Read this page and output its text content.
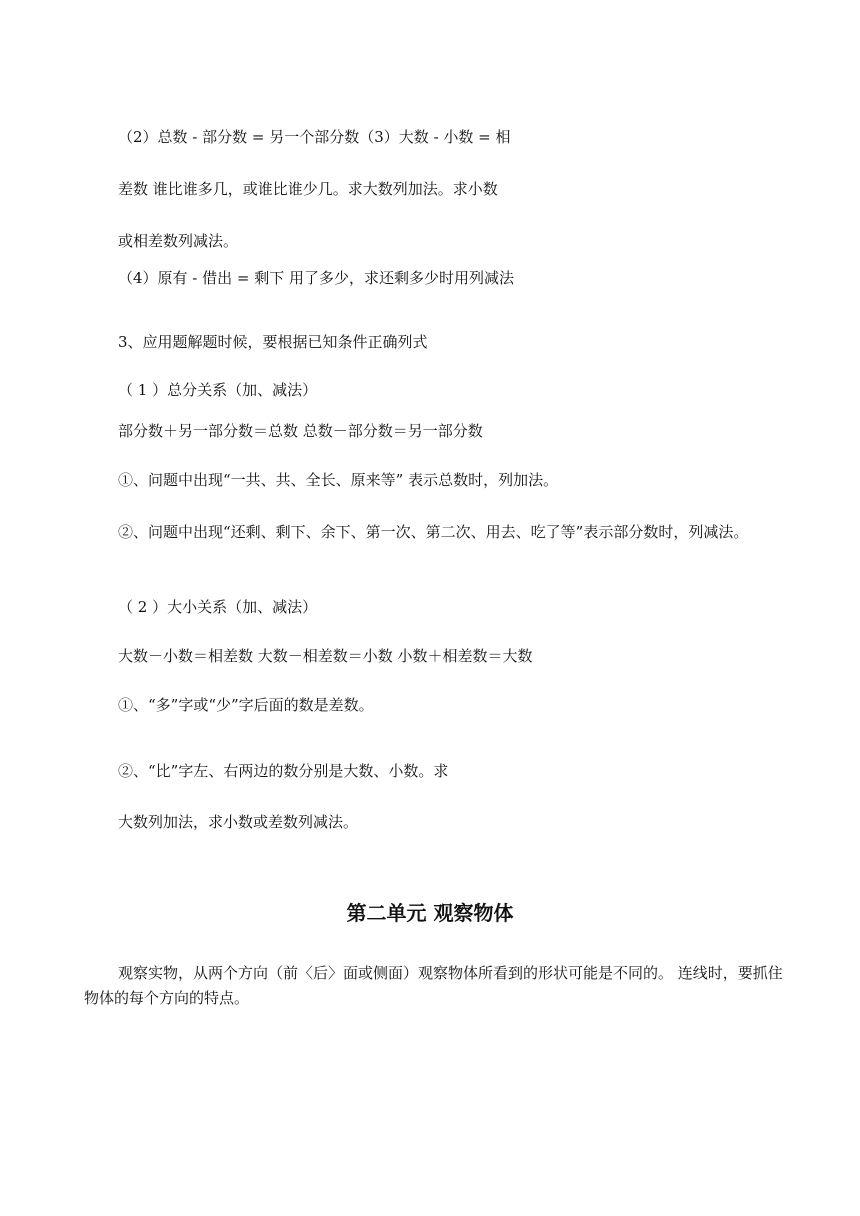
（2）总数 - 部分数 = 另一个部分数（3）大数 - 小数 = 相
差数 谁比谁多几，或谁比谁少几。求大数列加法。求小数
或相差数列减法。
（4）原有 - 借出 = 剩下 用了多少，求还剩多少时用列减法
3、应用题解题时候，要根据已知条件正确列式
（ 1 ）总分关系（加、减法）
部分数＋另一部分数＝总数 总数－部分数＝另一部分数
①、问题中出现“一共、共、全长、原来等” 表示总数时，列加法。
②、问题中出现“还剩、剩下、余下、第一次、第二次、用去、吃了等”表示部分数时，列减法。
（ 2 ）大小关系（加、减法）
大数－小数＝相差数 大数－相差数＝小数 小数＋相差数＝大数
①、“多”字或“少”字后面的数是差数。
②、“比”字左、右两边的数分别是大数、小数。求
大数列加法，求小数或差数列减法。
第二单元 观察物体
观察实物，从两个方向（前〈后〉面或侧面）观察物体所看到的形状可能是不同的。 连线时，要抓住物体的每个方向的特点。
